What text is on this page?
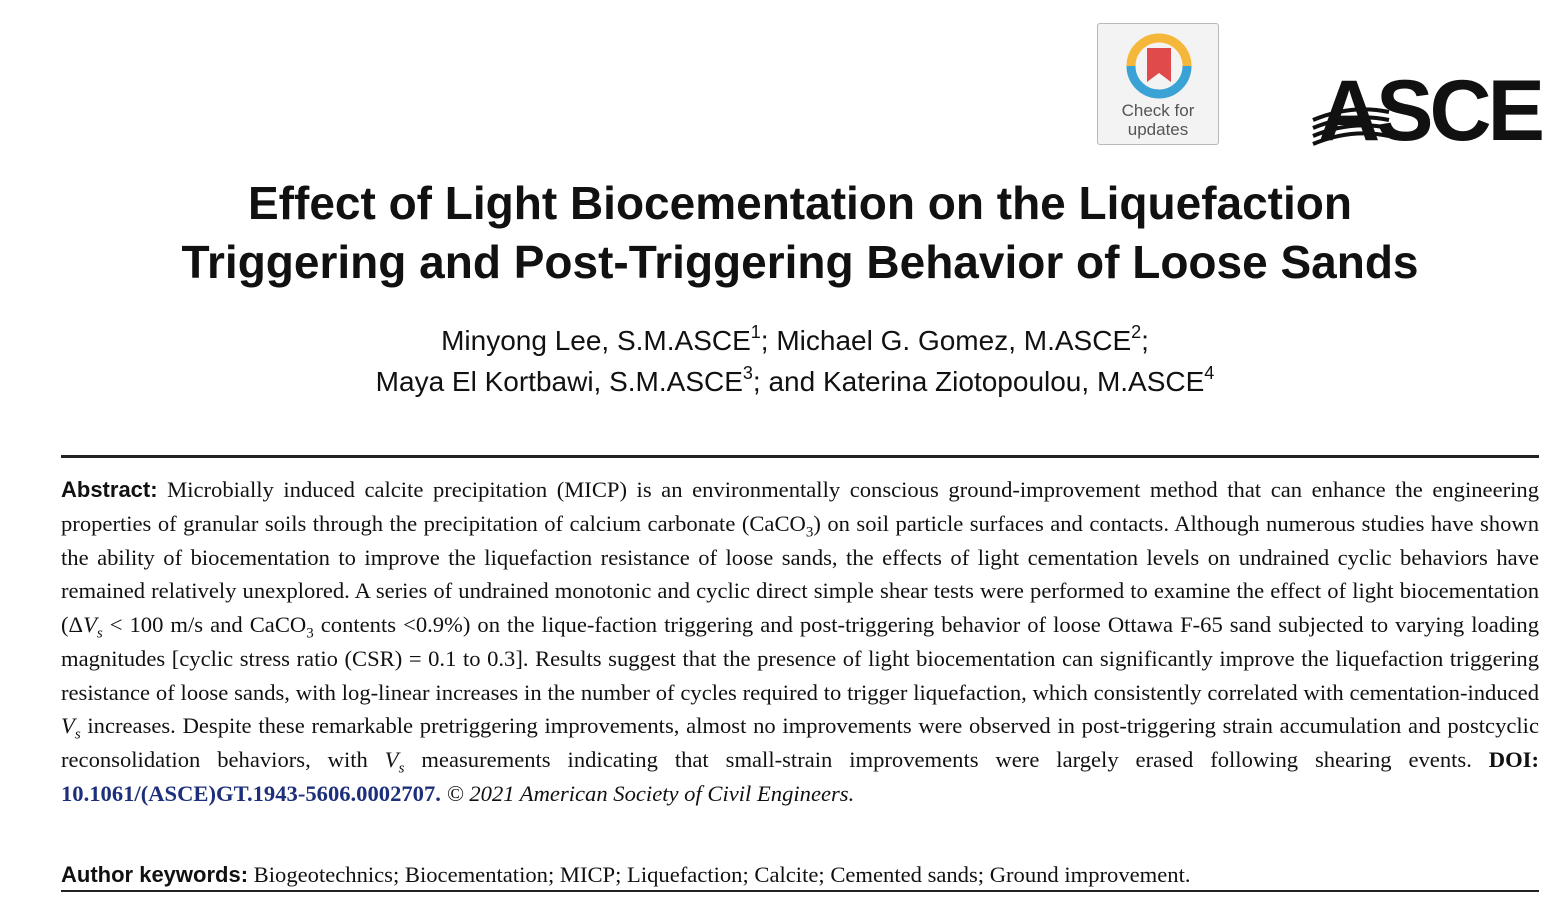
Check for
updates	ASCE
Effect of Light Biocementation on the Liquefaction
Triggering and Post-Triggering Behavior of Loose Sands
Minyong Lee, S.M.ASCE$^1$; Michael G. Gomez, M.ASCE$^2$;
Maya El Kortbawi, S.M.ASCE$^3$; and Katerina Ziotopoulou, M.ASCE$^4$
Abstract: Microbially induced calcite precipitation (MICP) is an environmentally conscious ground-improvement method that can enhance the engineering properties of granular soils through the precipitation of calcium carbonate (CaCO$_3$) on soil particle surfaces and contacts. Although numerous studies have shown the ability of biocementation to improve the liquefaction resistance of loose sands, the effects of light cementation levels on undrained cyclic behaviors have remained relatively unexplored. A series of undrained monotonic and cyclic direct simple shear tests were performed to examine the effect of light biocementation ($\Delta V_s < 100$ m/s and CaCO$_3$ contents <0.9%) on the lique-faction triggering and post-triggering behavior of loose Ottawa F-65 sand subjected to varying loading magnitudes [cyclic stress ratio (CSR) = 0.1 to 0.3]. Results suggest that the presence of light biocementation can significantly improve the liquefaction triggering resistance of loose sands, with log-linear increases in the number of cycles required to trigger liquefaction, which consistently correlated with cementation-induced $V_s$ increases. Despite these remarkable pretriggering improvements, almost no improvements were observed in post-triggering strain accumulation and postcyclic reconsolidation behaviors, with $V_s$ measurements indicating that small-strain improvements were largely erased following shearing events. DOI: 10.1061/(ASCE)GT.1943-5606.0002707. © 2021 American Society of Civil Engineers.
Author keywords: Biogeotechnics; Biocementation; MICP; Liquefaction; Calcite; Cemented sands; Ground improvement.
